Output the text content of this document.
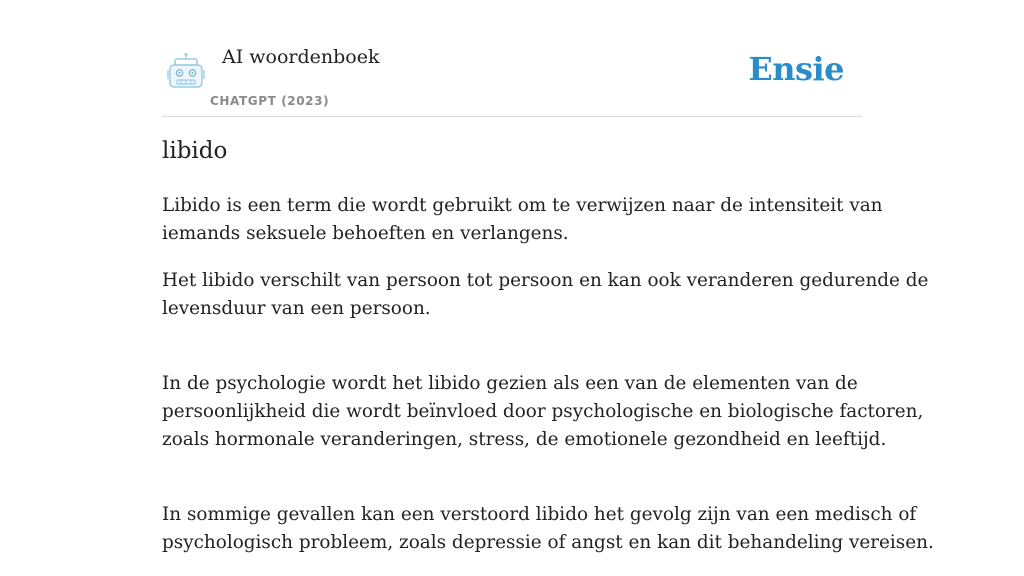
AI woordenboek
CHATGPT (2023)
Ensie
libido

Libido is een term die wordt gebruikt om te verwijzen naar de intensiteit van
iemands seksuele behoeften en verlangens.

Het libido verschilt van persoon tot persoon en kan ook veranderen gedurende de
levensduur van een persoon.

In de psychologie wordt het libido gezien als een van de elementen van de
persoonlijkheid die wordt beïnvloed door psychologische en biologische factoren,
zoals hormonale veranderingen, stress, de emotionele gezondheid en leeftijd.

In sommige gevallen kan een verstoord libido het gevolg zijn van een medisch of
psychologisch probleem, zoals depressie of angst en kan dit behandeling vereisen.
